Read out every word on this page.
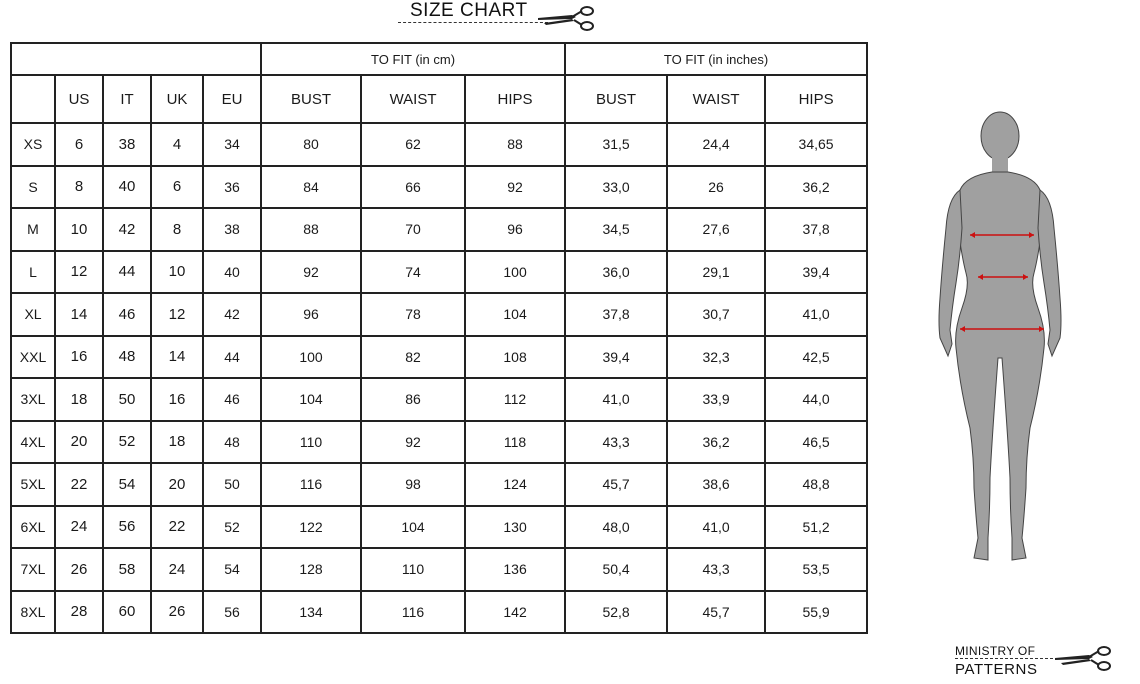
SIZE CHART
					TO FIT (in cm)			TO FIT (in inches)		
	US	IT	UK	EU	BUST	WAIST	HIPS	BUST	WAIST	HIPS
XS	6	38	4	34	80	62	88	31,5	24,4	34,65
S	8	40	6	36	84	66	92	33,0	26	36,2
M	10	42	8	38	88	70	96	34,5	27,6	37,8
L	12	44	10	40	92	74	100	36,0	29,1	39,4
XL	14	46	12	42	96	78	104	37,8	30,7	41,0
XXL	16	48	14	44	100	82	108	39,4	32,3	42,5
3XL	18	50	16	46	104	86	112	41,0	33,9	44,0
4XL	20	52	18	48	110	92	118	43,3	36,2	46,5
5XL	22	54	20	50	116	98	124	45,7	38,6	48,8
6XL	24	56	22	52	122	104	130	48,0	41,0	51,2
7XL	26	58	24	54	128	110	136	50,4	43,3	53,5
8XL	28	60	26	56	134	116	142	52,8	45,7	55,9
MINISTRY OF
PATTERNS
